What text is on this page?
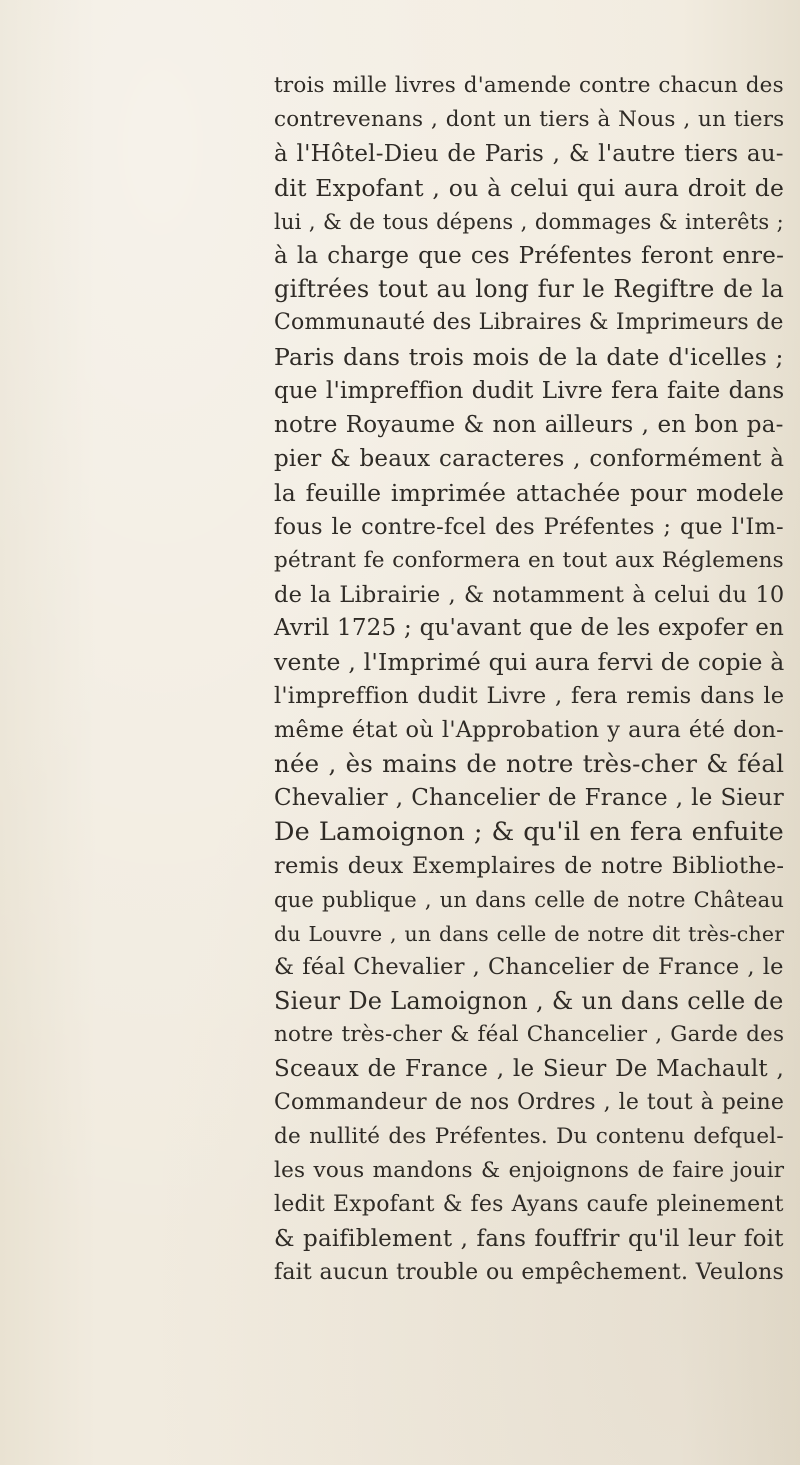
trois mille livres d'amende contre chacun des
contrevenans , dont un tiers à Nous , un tiers
à l'Hôtel-Dieu de Paris , & l'autre tiers au-
dit Expofant , ou à celui qui aura droit de
lui , & de tous dépens , dommages & interêts ;
à la charge que ces Préfentes feront enre-
giftrées tout au long fur le Regiftre de la
Communauté des Libraires & Imprimeurs de
Paris dans trois mois de la date d'icelles ;
que l'impreffion dudit Livre fera faite dans
notre Royaume & non ailleurs , en bon pa-
pier & beaux caracteres , conformément à
la feuille imprimée attachée pour modele
fous le contre-fcel des Préfentes ; que l'Im-
pétrant fe conformera en tout aux Réglemens
de la Librairie , & notamment à celui du 10
Avril 1725 ; qu'avant que de les expofer en
vente , l'Imprimé qui aura fervi de copie à
l'impreffion dudit Livre , fera remis dans le
même état où l'Approbation y aura été don-
née , ès mains de notre très-cher & féal
Chevalier , Chancelier de France , le Sieur
De Lamoignon ; & qu'il en fera enfuite
remis deux Exemplaires de notre Bibliothe-
que publique , un dans celle de notre Château
du Louvre , un dans celle de notre dit très-cher
& féal Chevalier , Chancelier de France , le
Sieur De Lamoignon , & un dans celle de
notre très-cher & féal Chancelier , Garde des
Sceaux de France , le Sieur De Machault ,
Commandeur de nos Ordres , le tout à peine
de nullité des Préfentes. Du contenu defquel-
les vous mandons & enjoignons de faire jouir
ledit Expofant & fes Ayans caufe pleinement
& paifiblement , fans fouffrir qu'il leur foit
fait aucun trouble ou empêchement. Veulons
